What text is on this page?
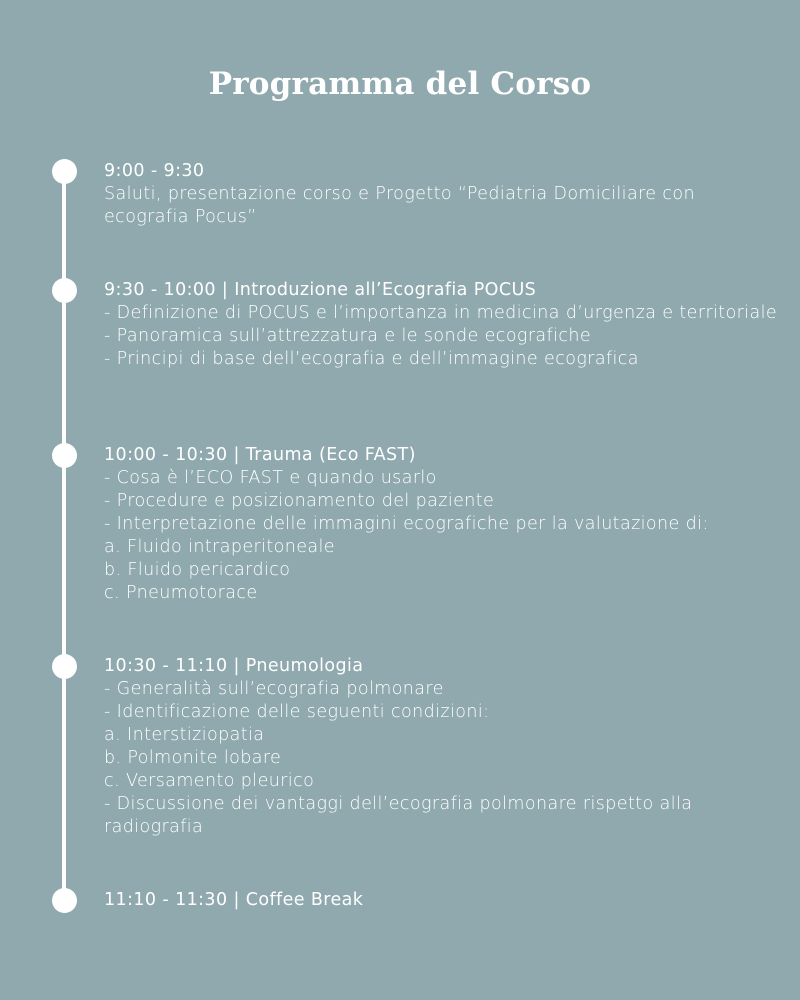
Programma del Corso
9:00 - 9:30
Saluti, presentazione corso e Progetto “Pediatria Domiciliare con ecografia Pocus”
9:30 - 10:00 | Introduzione all’Ecografia POCUS
- Definizione di POCUS e l’importanza in medicina d’urgenza e territoriale
- Panoramica sull’attrezzatura e le sonde ecografiche
- Principi di base dell’ecografia e dell’immagine ecografica
10:00 - 10:30 | Trauma (Eco FAST)
- Cosa è l’ECO FAST e quando usarlo
- Procedure e posizionamento del paziente
- Interpretazione delle immagini ecografiche per la valutazione di:
a. Fluido intraperitoneale
b. Fluido pericardico
c. Pneumotorace
10:30 - 11:10 | Pneumologia
- Generalità sull’ecografia polmonare
- Identificazione delle seguenti condizioni:
a. Interstiziopatia
b. Polmonite lobare
c. Versamento pleurico
- Discussione dei vantaggi dell’ecografia polmonare rispetto alla radiografia
11:10 - 11:30 | Coffee Break
